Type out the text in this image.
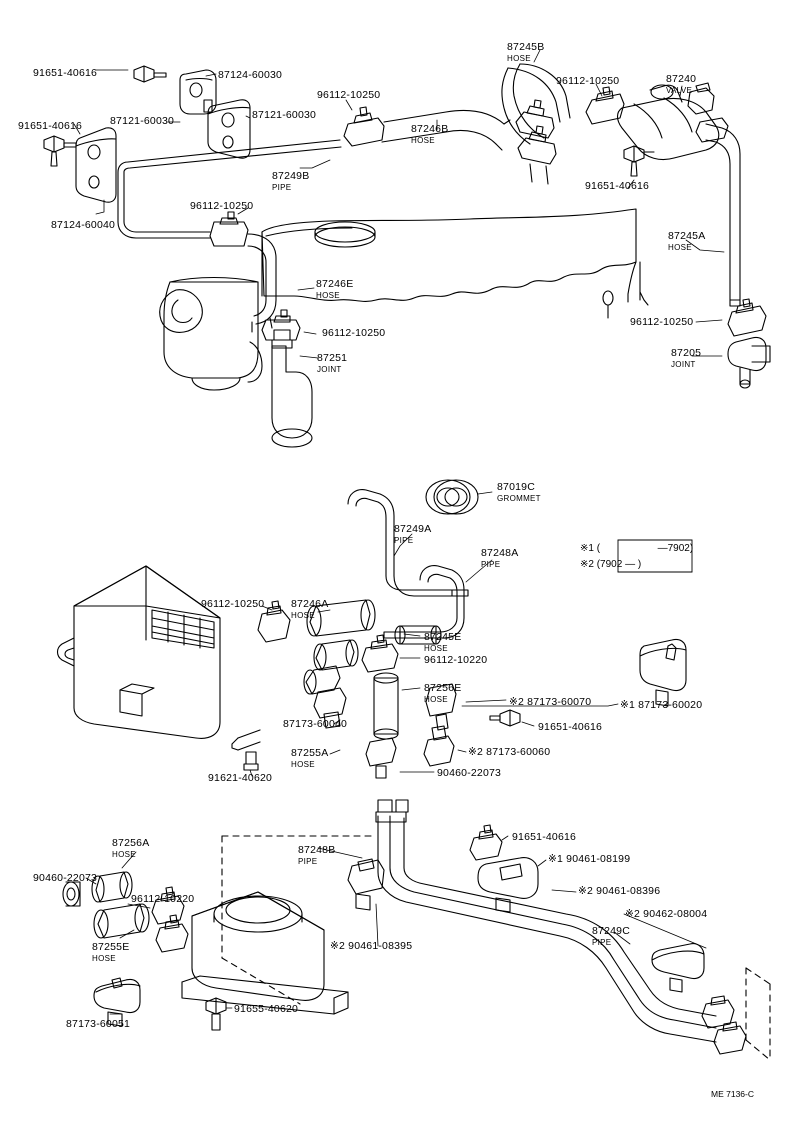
91651-40616	87124-60030
87245B
HOSE
96112-10250	87240
VALVE
91651-40616	87121-60030	87121-60030
96112-10250
87246B
HOSE
87249B
PIPE	91651-40616
87124-60040
96112-10250
87245A
HOSE
87246E
HOSE
96112-10250
96112-10250
87251
JOINT
87205
JOINT
87019C
GROMMET
87249A
PIPE
87248A
PIPE
96112-10250	87246A
HOSE
87245E
HOSE
96112-10220
87256E
HOSE	※2 87173-60070	※1 87173-60020
91651-40616
87173-60040
87255A
HOSE
※2 87173-60060
90460-22073
91621-40620
91651-40616
87256A
HOSE	87248B
PIPE
90460-22073
※1 90461-08199
96112-10220
※2 90461-08396
※2 90462-08004
87249C
PIPE
87255E
HOSE
※2 90461-08395
91655-40620
87173-60051
※1 (	—7902)
※2 (7902 — )
ME 7136-C
